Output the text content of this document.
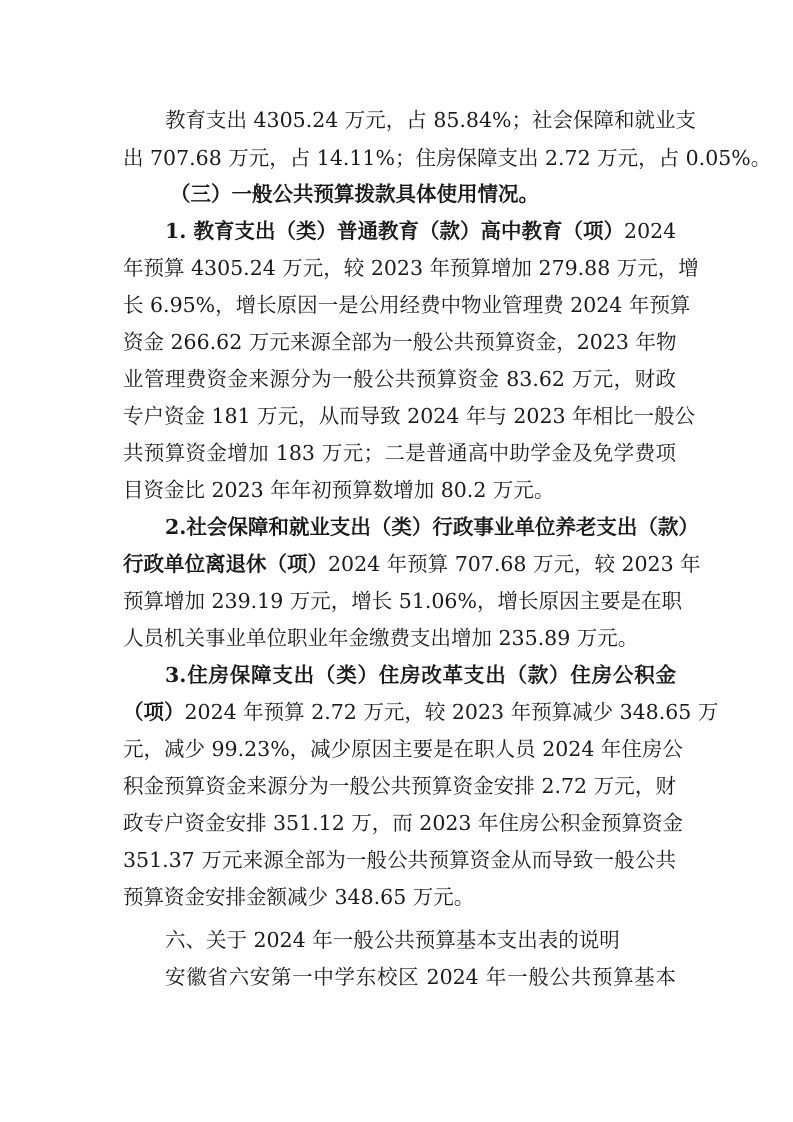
教育支出 4305.24 万元，占 85.84%；社会保障和就业支
出 707.68 万元，占 14.11%；住房保障支出 2.72 万元，占 0.05%。
（三）一般公共预算拨款具体使用情况。
1. 教育支出（类）普通教育（款）高中教育（项）2024
年预算 4305.24 万元，较 2023 年预算增加 279.88 万元，增
长 6.95%，增长原因一是公用经费中物业管理费 2024 年预算
资金 266.62 万元来源全部为一般公共预算资金，2023 年物
业管理费资金来源分为一般公共预算资金 83.62 万元，财政
专户资金 181 万元，从而导致 2024 年与 2023 年相比一般公
共预算资金增加 183 万元；二是普通高中助学金及免学费项
目资金比 2023 年年初预算数增加 80.2 万元。
2.社会保障和就业支出（类）行政事业单位养老支出（款）
行政单位离退休（项）2024 年预算 707.68 万元，较 2023 年
预算增加 239.19 万元，增长 51.06%，增长原因主要是在职
人员机关事业单位职业年金缴费支出增加 235.89 万元。
3.住房保障支出（类）住房改革支出（款）住房公积金
（项）2024 年预算 2.72 万元，较 2023 年预算减少 348.65 万
元，减少 99.23%，减少原因主要是在职人员 2024 年住房公
积金预算资金来源分为一般公共预算资金安排 2.72 万元，财
政专户资金安排 351.12 万，而 2023 年住房公积金预算资金
351.37 万元来源全部为一般公共预算资金从而导致一般公共
预算资金安排金额减少 348.65 万元。
六、关于 2024 年一般公共预算基本支出表的说明
安徽省六安第一中学东校区 2024 年一般公共预算基本
